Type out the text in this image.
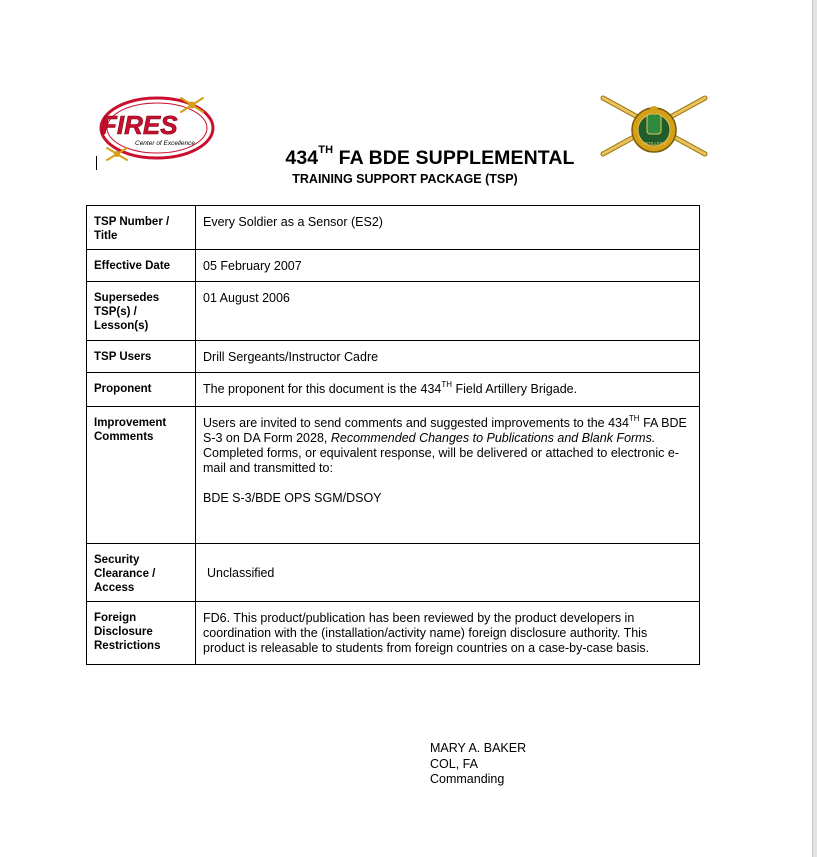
FIRES
Center of Excellence	ARTILLERY
434TH FA BDE SUPPLEMENTAL
TRAINING SUPPORT PACKAGE (TSP)
TSP Number / Title	Every Soldier as a Sensor (ES2)
Effective Date	05 February 2007
Supersedes TSP(s) / Lesson(s)	01 August 2006
TSP Users	Drill Sergeants/Instructor Cadre
Proponent	The proponent for this document is the 434TH Field Artillery Brigade.
Improvement Comments	Users are invited to send comments and suggested improvements to the 434TH FA BDE S-3 on DA Form 2028, Recommended Changes to Publications and Blank Forms. Completed forms, or equivalent response, will be delivered or attached to electronic e-mail and transmitted to:
BDE S-3/BDE OPS SGM/DSOY

Security Clearance / Access	Unclassified

Foreign Disclosure Restrictions	FD6. This product/publication has been reviewed by the product developers in coordination with the (installation/activity name) foreign disclosure authority. This product is releasable to students from foreign countries on a case-by-case basis.
MARY A. BAKER
COL, FA
Commanding
